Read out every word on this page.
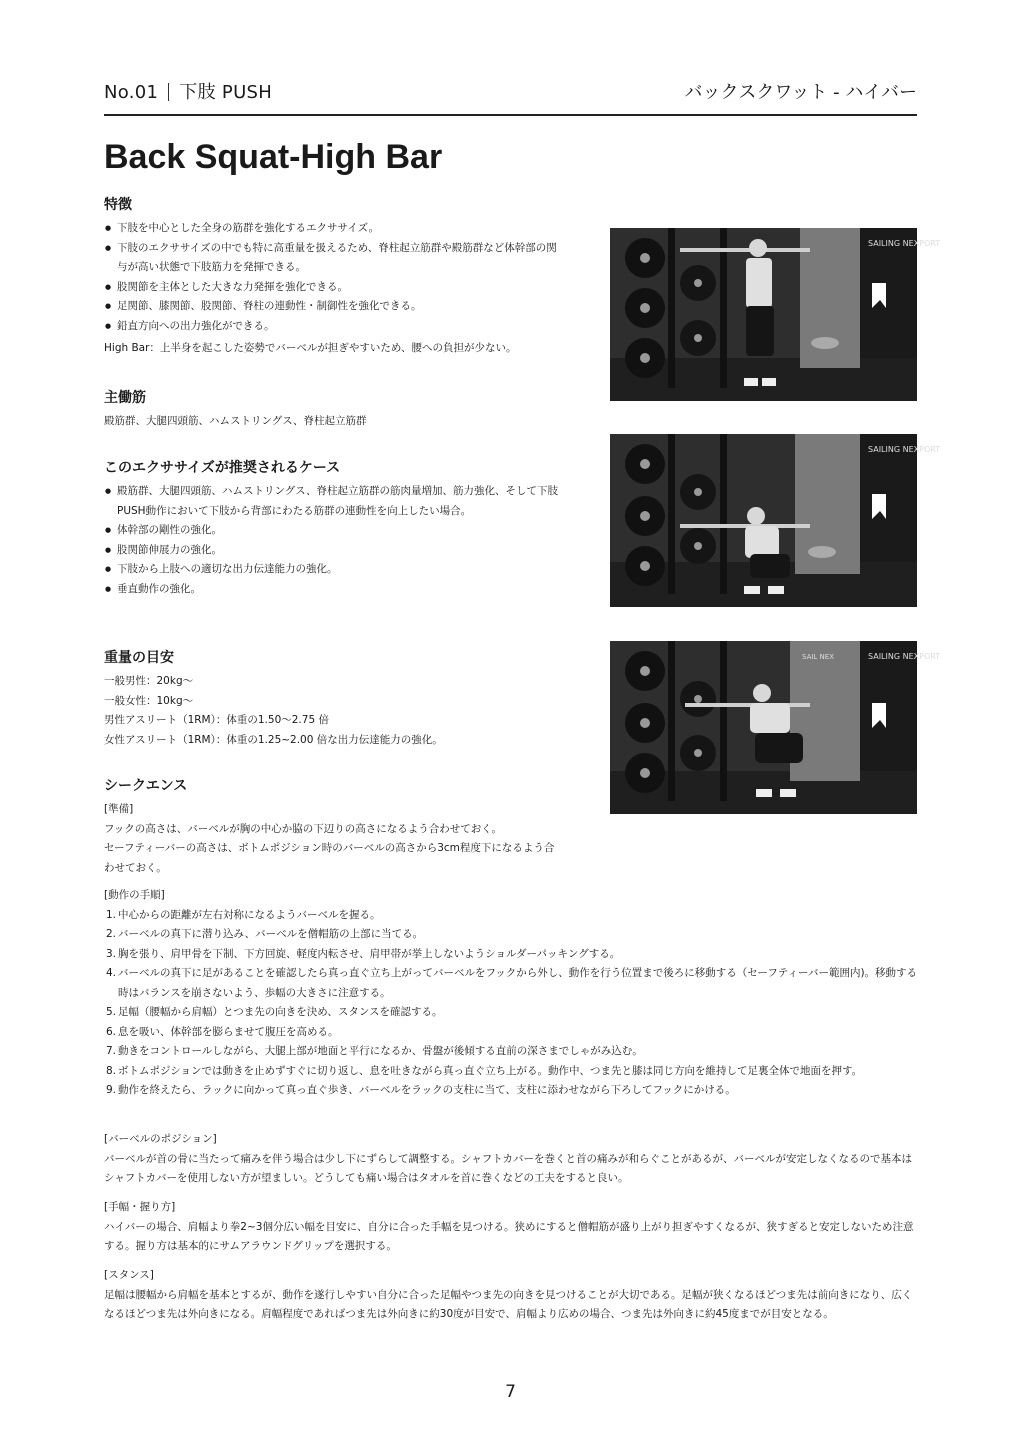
No.01 下肢 PUSH	バックスクワット - ハイバー
Back Squat-High Bar
特徴
● 下肢を中心とした全身の筋群を強化するエクササイズ。
● 下肢のエクササイズの中でも特に高重量を扱えるため、脊柱起立筋群や殿筋群など体幹部の関与が高い状態で下肢筋力を発揮できる。
● 股関節を主体とした大きな力発揮を強化できる。
● 足関節、膝関節、股関節、脊柱の連動性・制御性を強化できる。
● 鉛直方向への出力強化ができる。

High Bar：上半身を起こした姿勢でバーベルが担ぎやすいため、腰への負担が少ない。

主働筋

殿筋群、大腿四頭筋、ハムストリングス、脊柱起立筋群

このエクササイズが推奨されるケース
● 殿筋群、大腿四頭筋、ハムストリングス、脊柱起立筋群の筋肉量増加、筋力強化、そして下肢PUSH動作において下肢から背部にわたる筋群の連動性を向上したい場合。
● 体幹部の剛性の強化。
● 股関節伸展力の強化。
● 下肢から上肢への適切な出力伝達能力の強化。
● 垂直動作の強化。
重量の目安

一般男性：20kg～

一般女性：10kg～

男性アスリート（1RM）：体重の1.50～2.75 倍

女性アスリート（1RM）：体重の1.25~2.00 倍な出力伝達能力の強化。

シークエンス
[準備]

フックの高さは、バーベルが胸の中心か脇の下辺りの高さになるよう合わせておく。

セーフティーバーの高さは、ボトムポジション時のバーベルの高さから3cm程度下になるよう合わせておく。

[動作の手順]
1. 中心からの距離が左右対称になるようバーベルを握る。
2. バーベルの真下に潜り込み、バーベルを僧帽筋の上部に当てる。
3. 胸を張り、肩甲骨を下制、下方回旋、軽度内転させ、肩甲帯が挙上しないようショルダーパッキングする。
4. バーベルの真下に足があることを確認したら真っ直ぐ立ち上がってバーベルをフックから外し、動作を行う位置まで後ろに移動する（セーフティーバー範囲内)。移動する時はバランスを崩さないよう、歩幅の大きさに注意する。
5. 足幅（腰幅から肩幅）とつま先の向きを決め、スタンスを確認する。
6. 息を吸い、体幹部を膨らませて腹圧を高める。
7. 動きをコントロールしながら、大腿上部が地面と平行になるか、骨盤が後傾する直前の深さまでしゃがみ込む。
8. ボトムポジションでは動きを止めずすぐに切り返し、息を吐きながら真っ直ぐ立ち上がる。動作中、つま先と膝は同じ方向を維持して足裏全体で地面を押す。
9. 動作を終えたら、ラックに向かって真っ直ぐ歩き、バーベルをラックの支柱に当て、支柱に添わせながら下ろしてフックにかける。
[バーベルのポジション]

バーベルが首の骨に当たって痛みを伴う場合は少し下にずらして調整する。シャフトカバーを巻くと首の痛みが和らぐことがあるが、バーベルが安定しなくなるので基本はシャフトカバーを使用しない方が望ましい。どうしても痛い場合はタオルを首に巻くなどの工夫をすると良い。

[手幅・握り方]

ハイバーの場合、肩幅より拳2~3個分広い幅を目安に、自分に合った手幅を見つける。狭めにすると僧帽筋が盛り上がり担ぎやすくなるが、狭すぎると安定しないため注意する。握り方は基本的にサムアラウンドグリップを選択する。

[スタンス]

足幅は腰幅から肩幅を基本とするが、動作を遂行しやすい自分に合った足幅やつま先の向きを見つけることが大切である。足幅が狭くなるほどつま先は前向きになり、広くなるほどつま先は外向きになる。肩幅程度であればつま先は外向きに約30度が目安で、肩幅より広めの場合、つま先は外向きに約45度までが目安となる。

SAILING NEXPORT
SAILING NEXPORT
SAILING NEXPORT
SAIL NEX
7
